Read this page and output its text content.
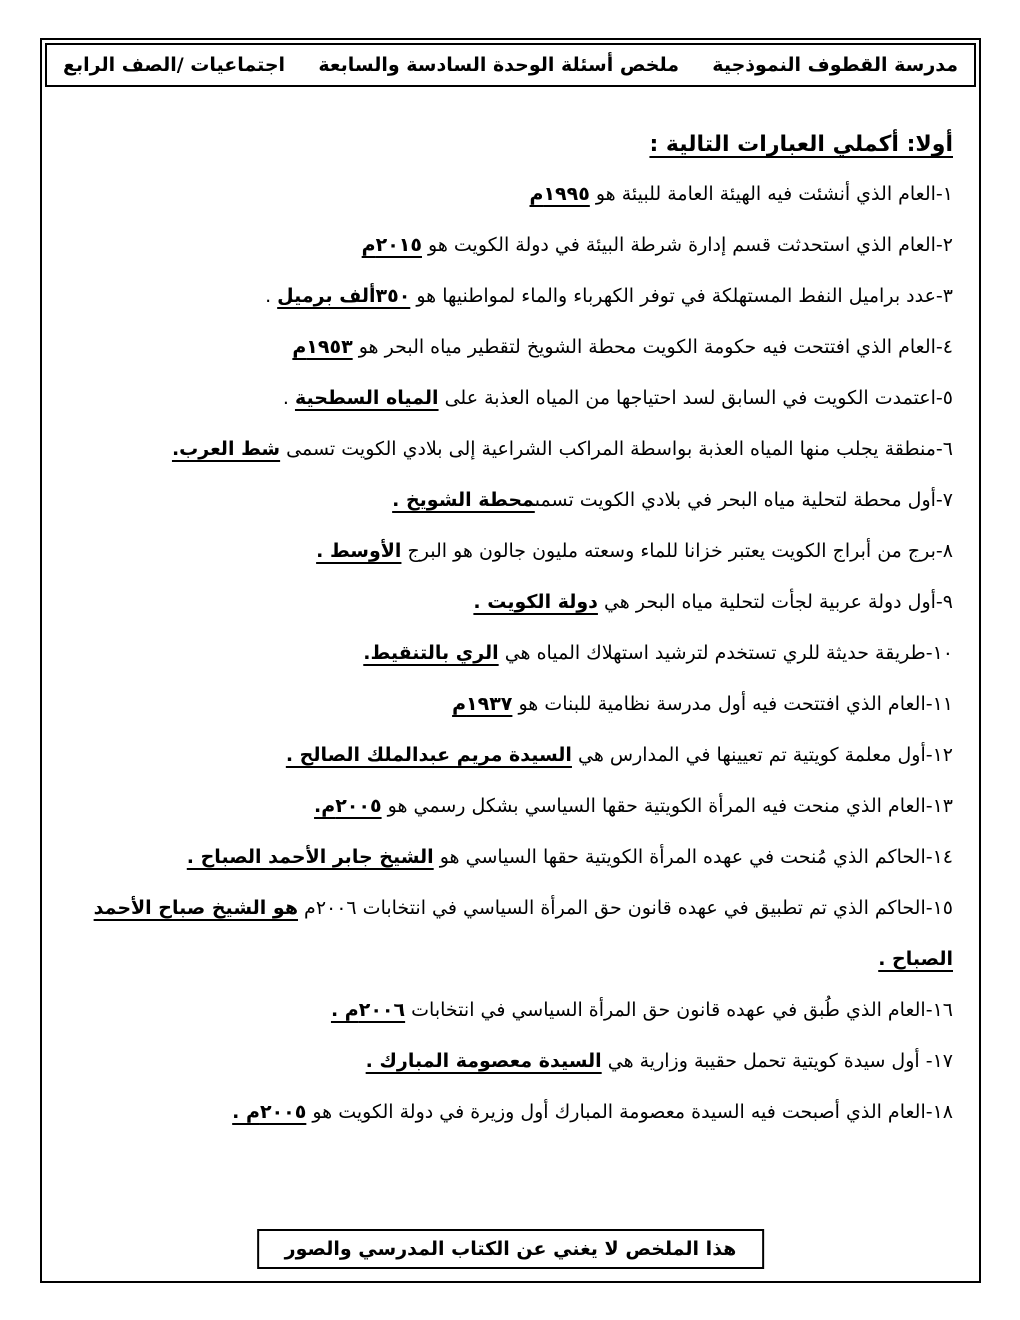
مدرسة القطوف النموذجية
ملخص أسئلة الوحدة السادسة والسابعة
اجتماعيات /الصف الرابع
أولا: أكملي العبارات التالية :

١-العام الذي أنشئت فيه الهيئة العامة للبيئة هو ١٩٩٥م

٢-العام الذي استحدثت قسم إدارة شرطة البيئة في دولة الكويت هو ٢٠١٥م

٣-عدد براميل النفط المستهلكة في توفر الكهرباء والماء لمواطنيها هو ٣٥٠ألف برميل .

٤-العام الذي افتتحت فيه حكومة الكويت محطة الشويخ لتقطير مياه البحر هو ١٩٥٣م

٥-اعتمدت الكويت في السابق لسد احتياجها من المياه العذبة على المياه السطحية .

٦-منطقة يجلب منها المياه العذبة بواسطة المراكب الشراعية إلى بلادي الكويت تسمى شط العرب.

٧-أول محطة لتحلية مياه البحر في بلادي الكويت تسمىمحطة الشويخ .

٨-برج من أبراج الكويت يعتبر خزانا للماء وسعته مليون جالون هو البرج الأوسط .

٩-أول دولة عربية لجأت لتحلية مياه البحر هي دولة الكويت .

١٠-طريقة حديثة للري تستخدم لترشيد استهلاك المياه هي الري بالتنقيط.

١١-العام الذي افتتحت فيه أول مدرسة نظامية للبنات هو ١٩٣٧م

١٢-أول معلمة كويتية تم تعيينها في المدارس هي السيدة مريم عبدالملك الصالح .

١٣-العام الذي منحت فيه المرأة الكويتية حقها السياسي بشكل رسمي هو ٢٠٠٥م.

١٤-الحاكم الذي مُنحت في عهده المرأة الكويتية حقها السياسي هو الشيخ جابر الأحمد الصباح .

١٥-الحاكم الذي تم تطبيق في عهده قانون حق المرأة السياسي في انتخابات ٢٠٠٦م هو الشيخ صباح الأحمد الصباح .

١٦-العام الذي طُبق في عهده قانون حق المرأة السياسي في انتخابات ٢٠٠٦م .

١٧- أول سيدة كويتية تحمل حقيبة وزارية هي السيدة معصومة المبارك .

١٨-العام الذي أصبحت فيه السيدة معصومة المبارك أول وزيرة في دولة الكويت هو ٢٠٠٥م .

هذا الملخص لا يغني عن الكتاب المدرسي والصور
